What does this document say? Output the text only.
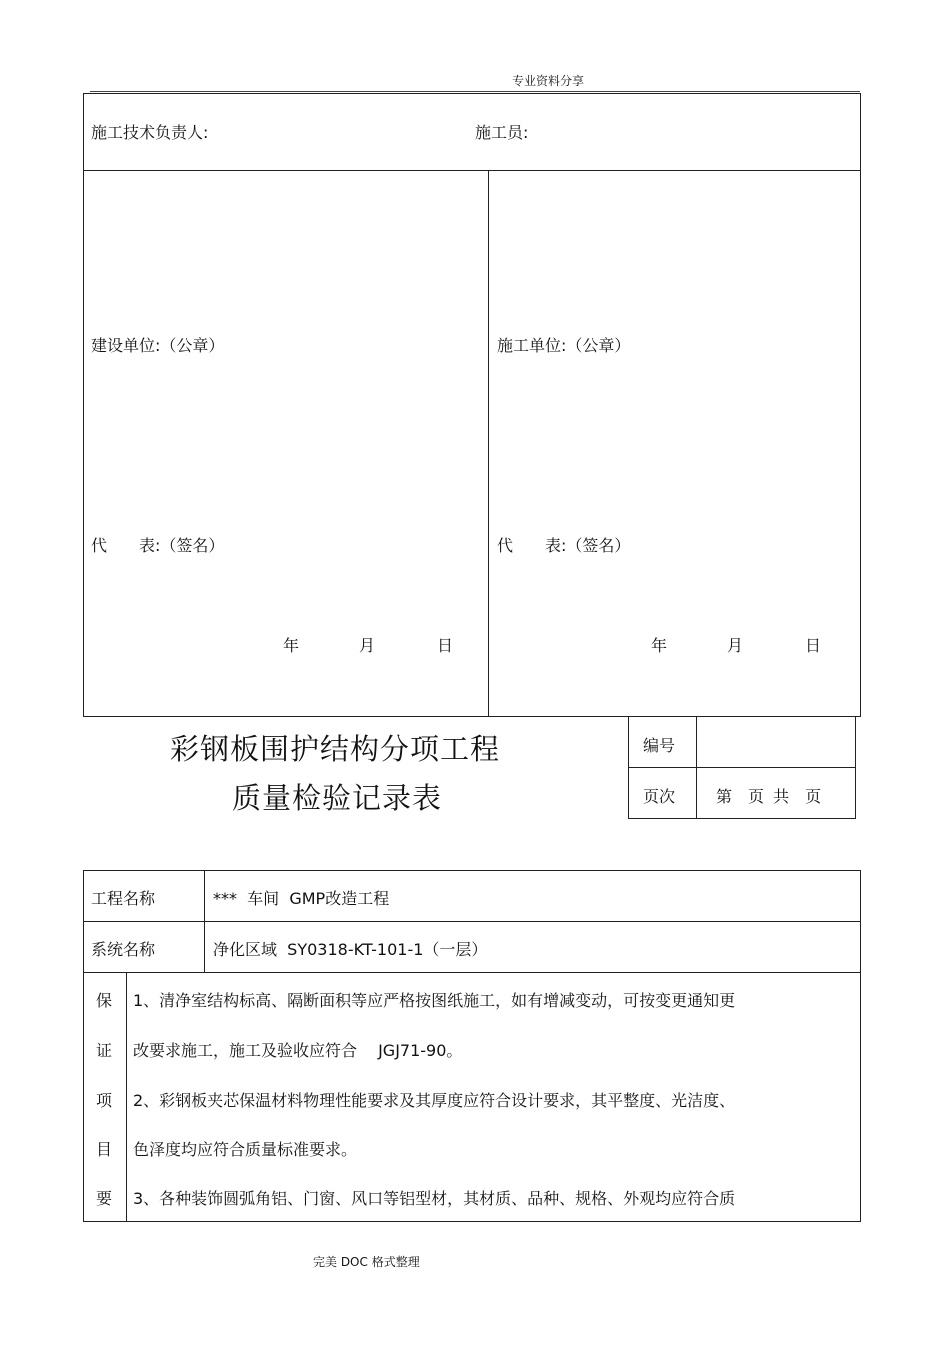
专业资料分享
施工技术负责人:	施工员:
建设单位:（公章）
代　　表:（签名）
年	月	日
施工单位:（公章）
代　　表:（签名）
年	月	日
彩钢板围护结构分项工程
质量检验记录表
编号
页次	第　页 共　页
工程名称	***  车间  GMP改造工程
系统名称	净化区域  SY0318-KT-101-1（一层）
保
证
项
目
要
1、清净室结构标高、隔断面积等应严格按图纸施工，如有增减变动，可按变更通知更
改要求施工，施工及验收应符合　 JGJ71-90。
2、彩钢板夹芯保温材料物理性能要求及其厚度应符合设计要求，其平整度、光洁度、
色泽度均应符合质量标准要求。
3、各种装饰圆弧角铝、门窗、风口等铝型材，其材质、品种、规格、外观均应符合质
完美 DOC 格式整理
